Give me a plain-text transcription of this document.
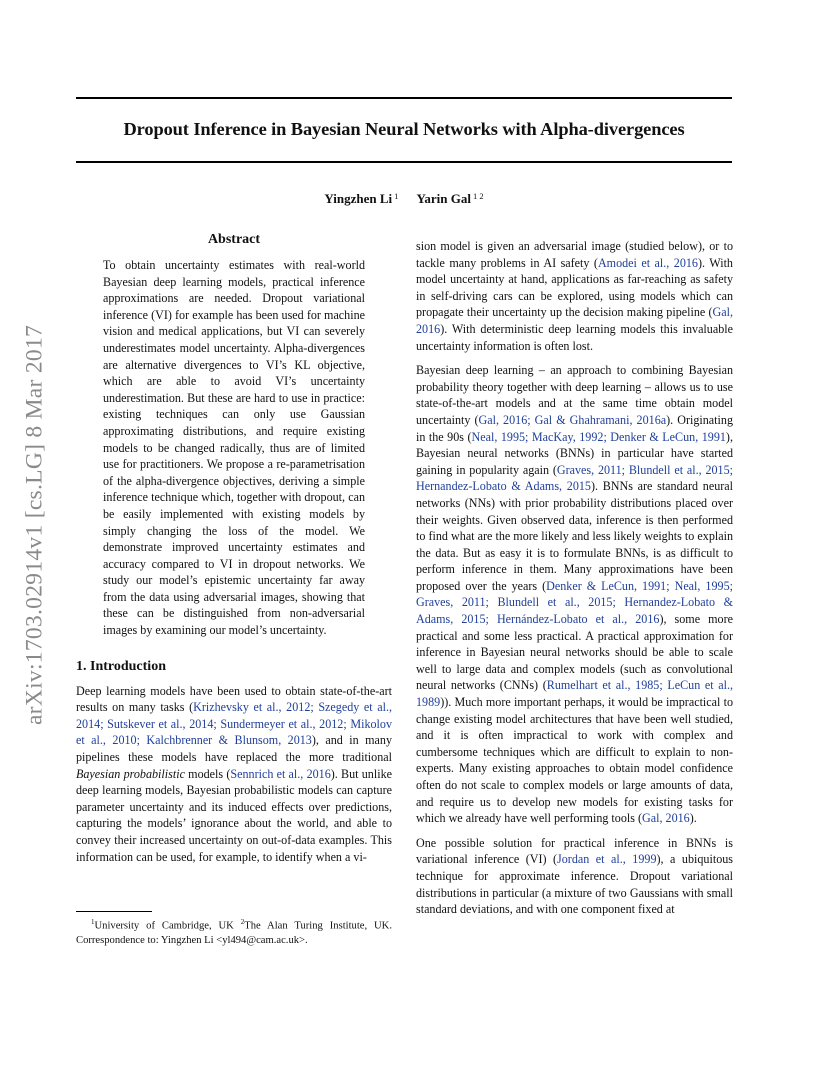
Dropout Inference in Bayesian Neural Networks with Alpha-divergences
Yingzhen Li $^1$ Yarin Gal $^{1 2}$
arXiv:1703.02914v1 [cs.LG] 8 Mar 2017
Abstract

To obtain uncertainty estimates with real-world Bayesian deep learning models, practical inference approximations are needed. Dropout variational inference (VI) for example has been used for machine vision and medical applications, but VI can severely underestimates model uncertainty. Alpha-divergences are alternative divergences to VI’s KL objective, which are able to avoid VI’s uncertainty underestimation. But these are hard to use in practice: existing techniques can only use Gaussian approximating distributions, and require existing models to be changed radically, thus are of limited use for practitioners. We propose a re-parametrisation of the alpha-divergence objectives, deriving a simple inference technique which, together with dropout, can be easily implemented with existing models by simply changing the loss of the model. We demonstrate improved uncertainty estimates and accuracy compared to VI in dropout networks. We study our model’s epistemic uncertainty far away from the data using adversarial images, showing that these can be distinguished from non-adversarial images by examining our model’s uncertainty.

1. Introduction

Deep learning models have been used to obtain state-of-the-art results on many tasks (Krizhevsky et al., 2012; Szegedy et al., 2014; Sutskever et al., 2014; Sundermeyer et al., 2012; Mikolov et al., 2010; Kalchbrenner & Blunsom, 2013), and in many pipelines these models have replaced the more traditional Bayesian probabilistic models (Sennrich et al., 2016). But unlike deep learning models, Bayesian probabilistic models can capture parameter uncertainty and its induced effects over predictions, capturing the models’ ignorance about the world, and able to convey their increased uncertainty on out-of-data examples. This information can be used, for example, to identify when a vi-

$^1$University of Cambridge, UK $^2$The Alan Turing Institute, UK. Correspondence to: Yingzhen Li <yl494@cam.ac.uk>.

sion model is given an adversarial image (studied below), or to tackle many problems in AI safety (Amodei et al., 2016). With model uncertainty at hand, applications as far-reaching as safety in self-driving cars can be explored, using models which can propagate their uncertainty up the decision making pipeline (Gal, 2016). With deterministic deep learning models this invaluable uncertainty information is often lost.

Bayesian deep learning – an approach to combining Bayesian probability theory together with deep learning – allows us to use state-of-the-art models and at the same time obtain model uncertainty (Gal, 2016; Gal & Ghahramani, 2016a). Originating in the 90s (Neal, 1995; MacKay, 1992; Denker & LeCun, 1991), Bayesian neural networks (BNNs) in particular have started gaining in popularity again (Graves, 2011; Blundell et al., 2015; Hernandez-Lobato & Adams, 2015). BNNs are standard neural networks (NNs) with prior probability distributions placed over their weights. Given observed data, inference is then performed to find what are the more likely and less likely weights to explain the data. But as easy it is to formulate BNNs, is as difficult to perform inference in them. Many approximations have been proposed over the years (Denker & LeCun, 1991; Neal, 1995; Graves, 2011; Blundell et al., 2015; Hernandez-Lobato & Adams, 2015; Hernández-Lobato et al., 2016), some more practical and some less practical. A practical approximation for inference in Bayesian neural networks should be able to scale well to large data and complex models (such as convolutional neural networks (CNNs) (Rumelhart et al., 1985; LeCun et al., 1989)). Much more important perhaps, it would be impractical to change existing model architectures that have been well studied, and it is often impractical to work with complex and cumbersome techniques which are difficult to explain to non-experts. Many existing approaches to obtain model confidence often do not scale to complex models or large amounts of data, and require us to develop new models for existing tasks for which we already have well performing tools (Gal, 2016).

One possible solution for practical inference in BNNs is variational inference (VI) (Jordan et al., 1999), a ubiquitous technique for approximate inference. Dropout variational distributions in particular (a mixture of two Gaussians with small standard deviations, and with one component fixed at
